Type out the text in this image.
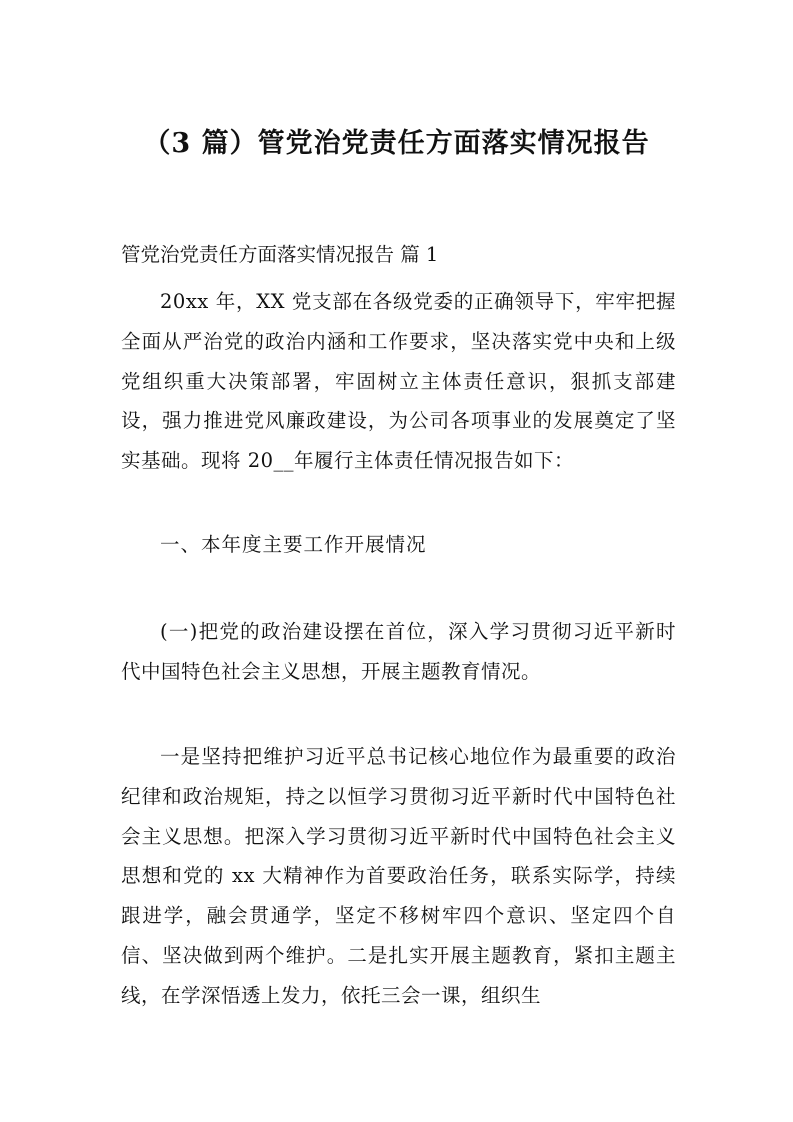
（3 篇）管党治党责任方面落实情况报告
管党治党责任方面落实情况报告 篇 1
20xx 年，XX 党支部在各级党委的正确领导下，牢牢把握全面从严治党的政治内涵和工作要求，坚决落实党中央和上级党组织重大决策部署，牢固树立主体责任意识，狠抓支部建设，强力推进党风廉政建设，为公司各项事业的发展奠定了坚实基础。现将 20__年履行主体责任情况报告如下：
一、本年度主要工作开展情况
(一)把党的政治建设摆在首位，深入学习贯彻习近平新时代中国特色社会主义思想，开展主题教育情况。
一是坚持把维护习近平总书记核心地位作为最重要的政治纪律和政治规矩，持之以恒学习贯彻习近平新时代中国特色社会主义思想。把深入学习贯彻习近平新时代中国特色社会主义思想和党的 xx 大精神作为首要政治任务，联系实际学，持续跟进学，融会贯通学，坚定不移树牢四个意识、坚定四个自信、坚决做到两个维护。二是扎实开展主题教育，紧扣主题主线，在学深悟透上发力，依托三会一课，组织生
